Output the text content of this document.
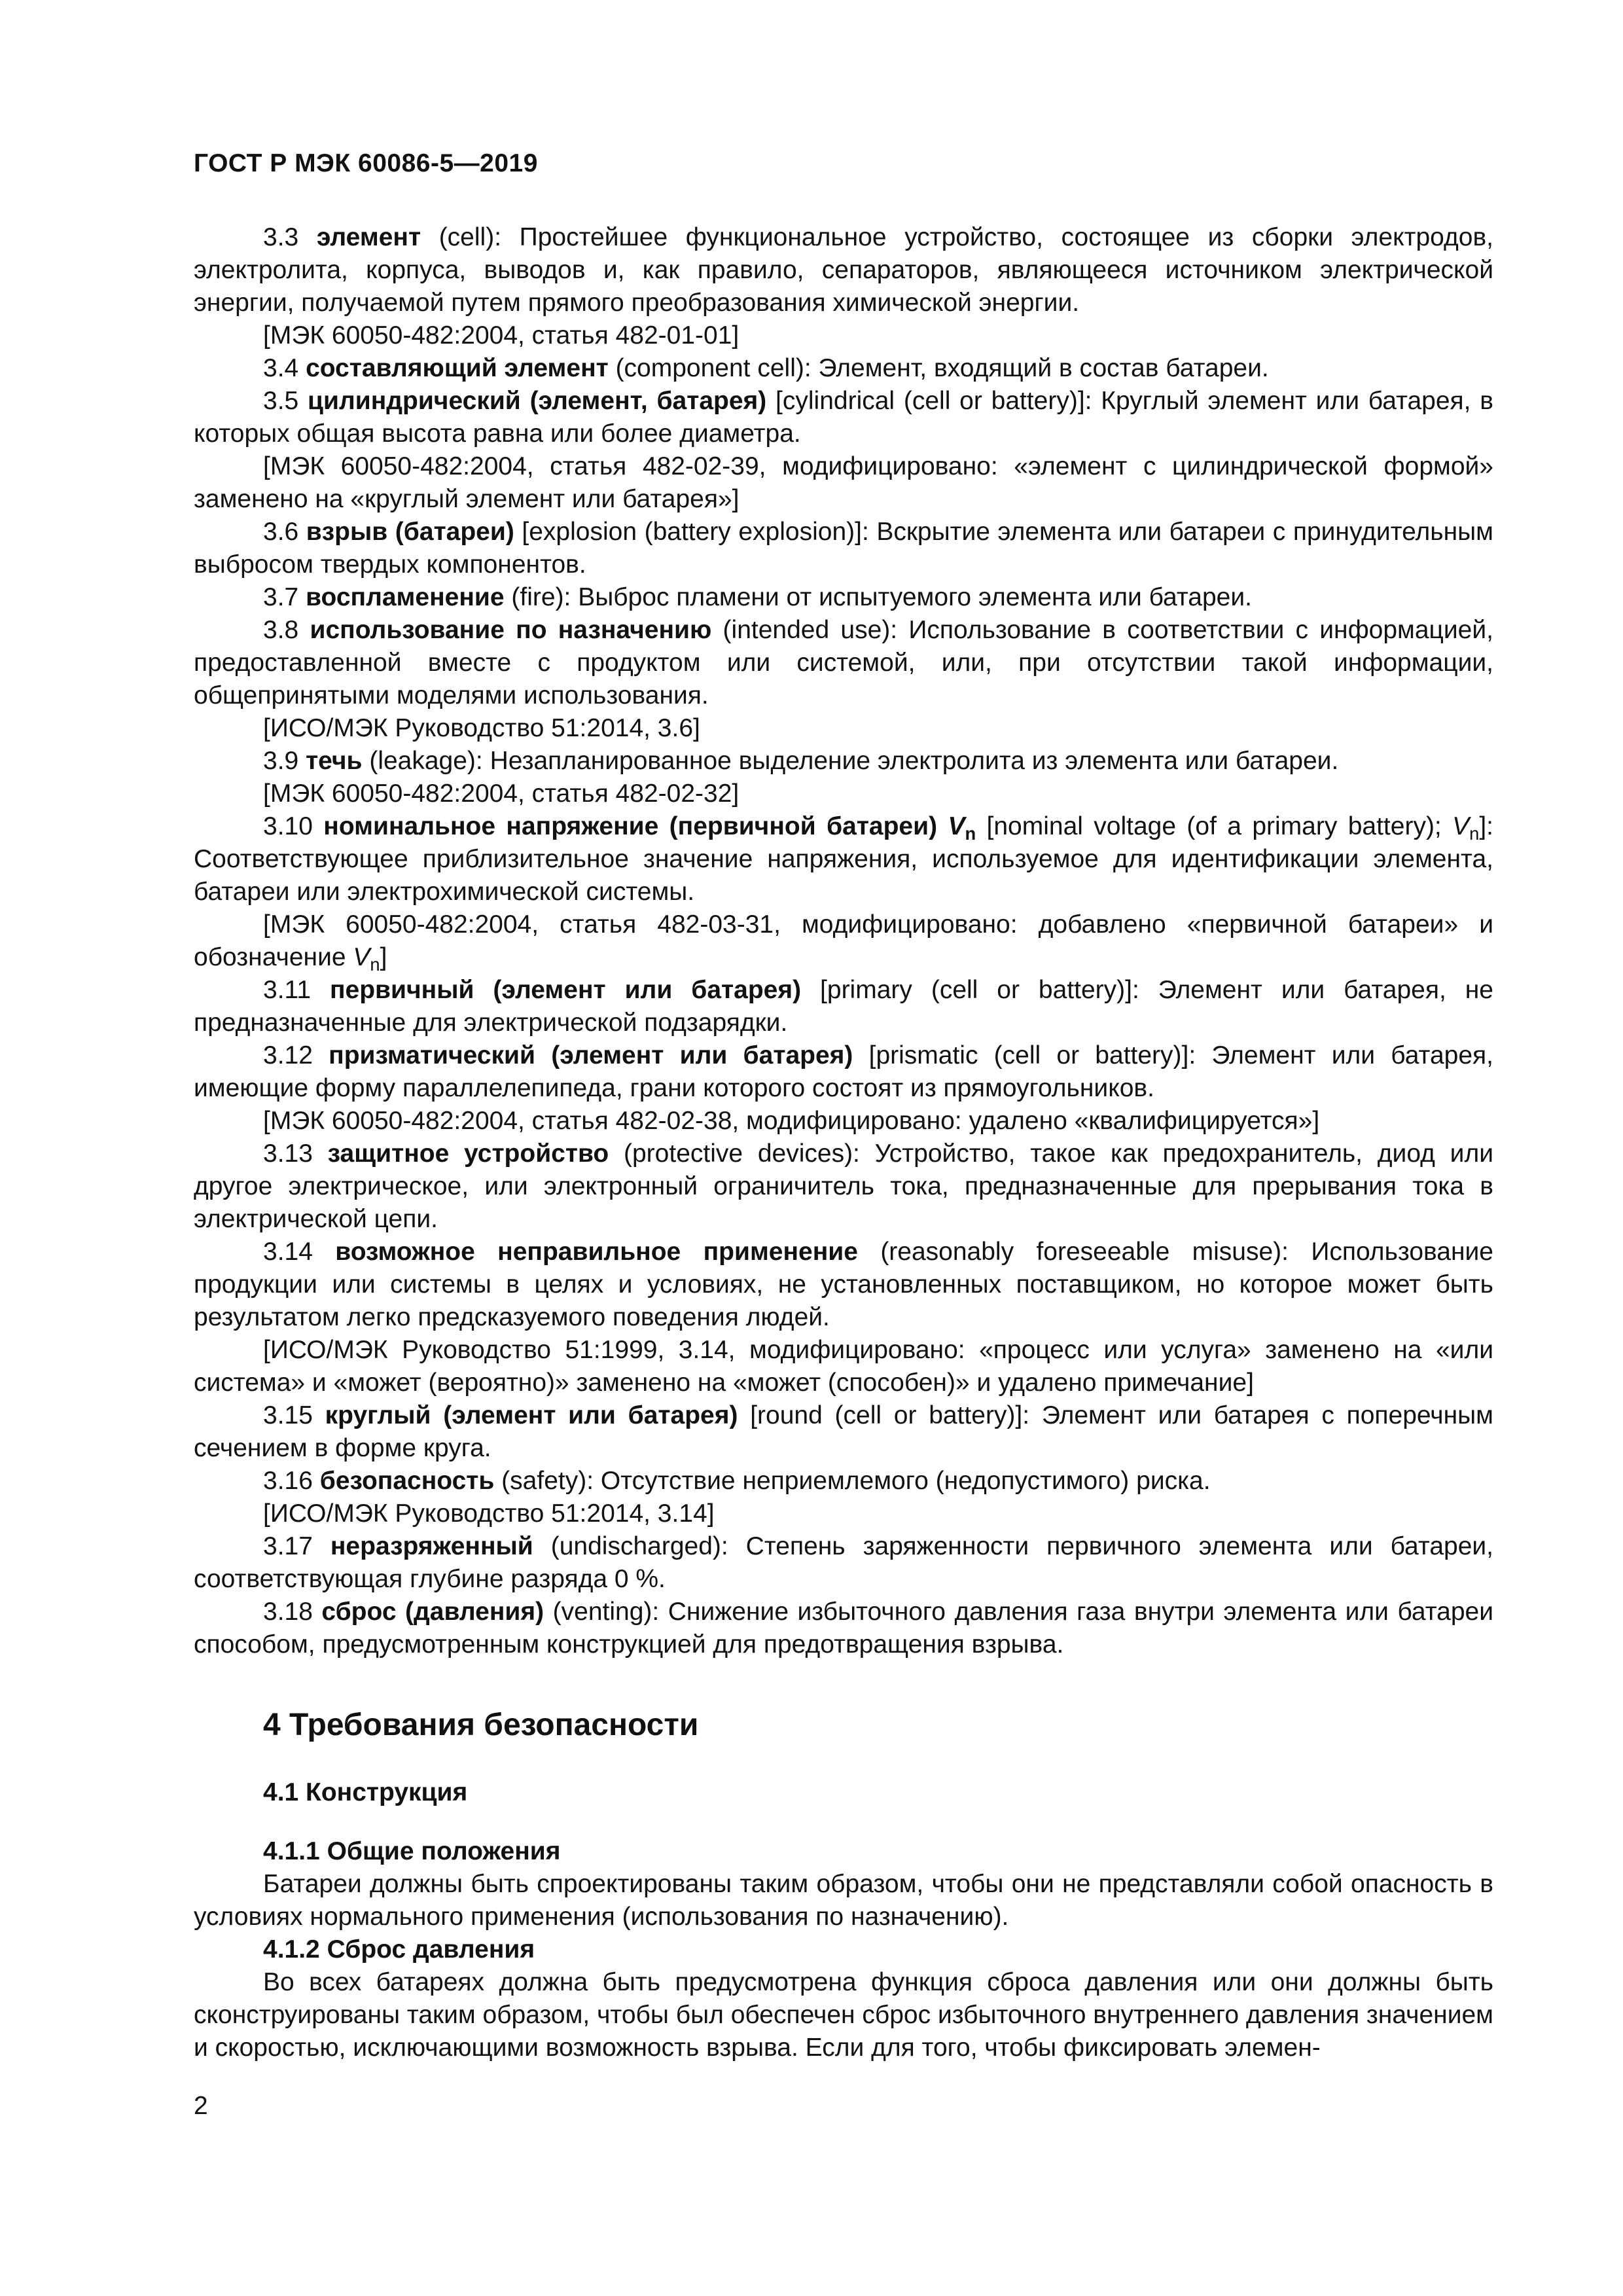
ГОСТ Р МЭК 60086-5—2019

3.3 элемент (cell): Простейшее функциональное устройство, состоящее из сборки электродов, электролита, корпуса, выводов и, как правило, сепараторов, являющееся источником электрической энергии, получаемой путем прямого преобразования химической энергии.

[МЭК 60050-482:2004, статья 482-01-01]

3.4 составляющий элемент (component cell): Элемент, входящий в состав батареи.

3.5 цилиндрический (элемент, батарея) [cylindrical (cell or battery)]: Круглый элемент или батарея, в которых общая высота равна или более диаметра.

[МЭК 60050-482:2004, статья 482-02-39, модифицировано: «элемент с цилиндрической формой» заменено на «круглый элемент или батарея»]

3.6 взрыв (батареи) [explosion (battery explosion)]: Вскрытие элемента или батареи с принудительным выбросом твердых компонентов.

3.7 воспламенение (fire): Выброс пламени от испытуемого элемента или батареи.

3.8 использование по назначению (intended use): Использование в соответствии с информацией, предоставленной вместе с продуктом или системой, или, при отсутствии такой информации, общепринятыми моделями использования.

[ИСО/МЭК Руководство 51:2014, 3.6]

3.9 течь (leakage): Незапланированное выделение электролита из элемента или батареи.

[МЭК 60050-482:2004, статья 482-02-32]

3.10 номинальное напряжение (первичной батареи) $V_n$ [nominal voltage (of a primary battery); $V_n$]: Соответствующее приблизительное значение напряжения, используемое для идентификации элемента, батареи или электрохимической системы.

[МЭК 60050-482:2004, статья 482-03-31, модифицировано: добавлено «первичной батареи» и обозначение $V_n$]

3.11 первичный (элемент или батарея) [primary (cell or battery)]: Элемент или батарея, не предназначенные для электрической подзарядки.

3.12 призматический (элемент или батарея) [prismatic (cell or battery)]: Элемент или батарея, имеющие форму параллелепипеда, грани которого состоят из прямоугольников.

[МЭК 60050-482:2004, статья 482-02-38, модифицировано: удалено «квалифицируется»]

3.13 защитное устройство (protective devices): Устройство, такое как предохранитель, диод или другое электрическое, или электронный ограничитель тока, предназначенные для прерывания тока в электрической цепи.

3.14 возможное неправильное применение (reasonably foreseeable misuse): Использование продукции или системы в целях и условиях, не установленных поставщиком, но которое может быть результатом легко предсказуемого поведения людей.

[ИСО/МЭК Руководство 51:1999, 3.14, модифицировано: «процесс или услуга» заменено на «или система» и «может (вероятно)» заменено на «может (способен)» и удалено примечание]

3.15 круглый (элемент или батарея) [round (cell or battery)]: Элемент или батарея с поперечным сечением в форме круга.

3.16 безопасность (safety): Отсутствие неприемлемого (недопустимого) риска.

[ИСО/МЭК Руководство 51:2014, 3.14]

3.17 неразряженный (undischarged): Степень заряженности первичного элемента или батареи, соответствующая глубине разряда 0 %.

3.18 сброс (давления) (venting): Снижение избыточного давления газа внутри элемента или батареи способом, предусмотренным конструкцией для предотвращения взрыва.

4 Требования безопасности
4.1 Конструкция
4.1.1 Общие положения

Батареи должны быть спроектированы таким образом, чтобы они не представляли собой опасность в условиях нормального применения (использования по назначению).

4.1.2 Сброс давления

Во всех батареях должна быть предусмотрена функция сброса давления или они должны быть сконструированы таким образом, чтобы был обеспечен сброс избыточного внутреннего давления значением и скоростью, исключающими возможность взрыва. Если для того, чтобы фиксировать элемен-

2
